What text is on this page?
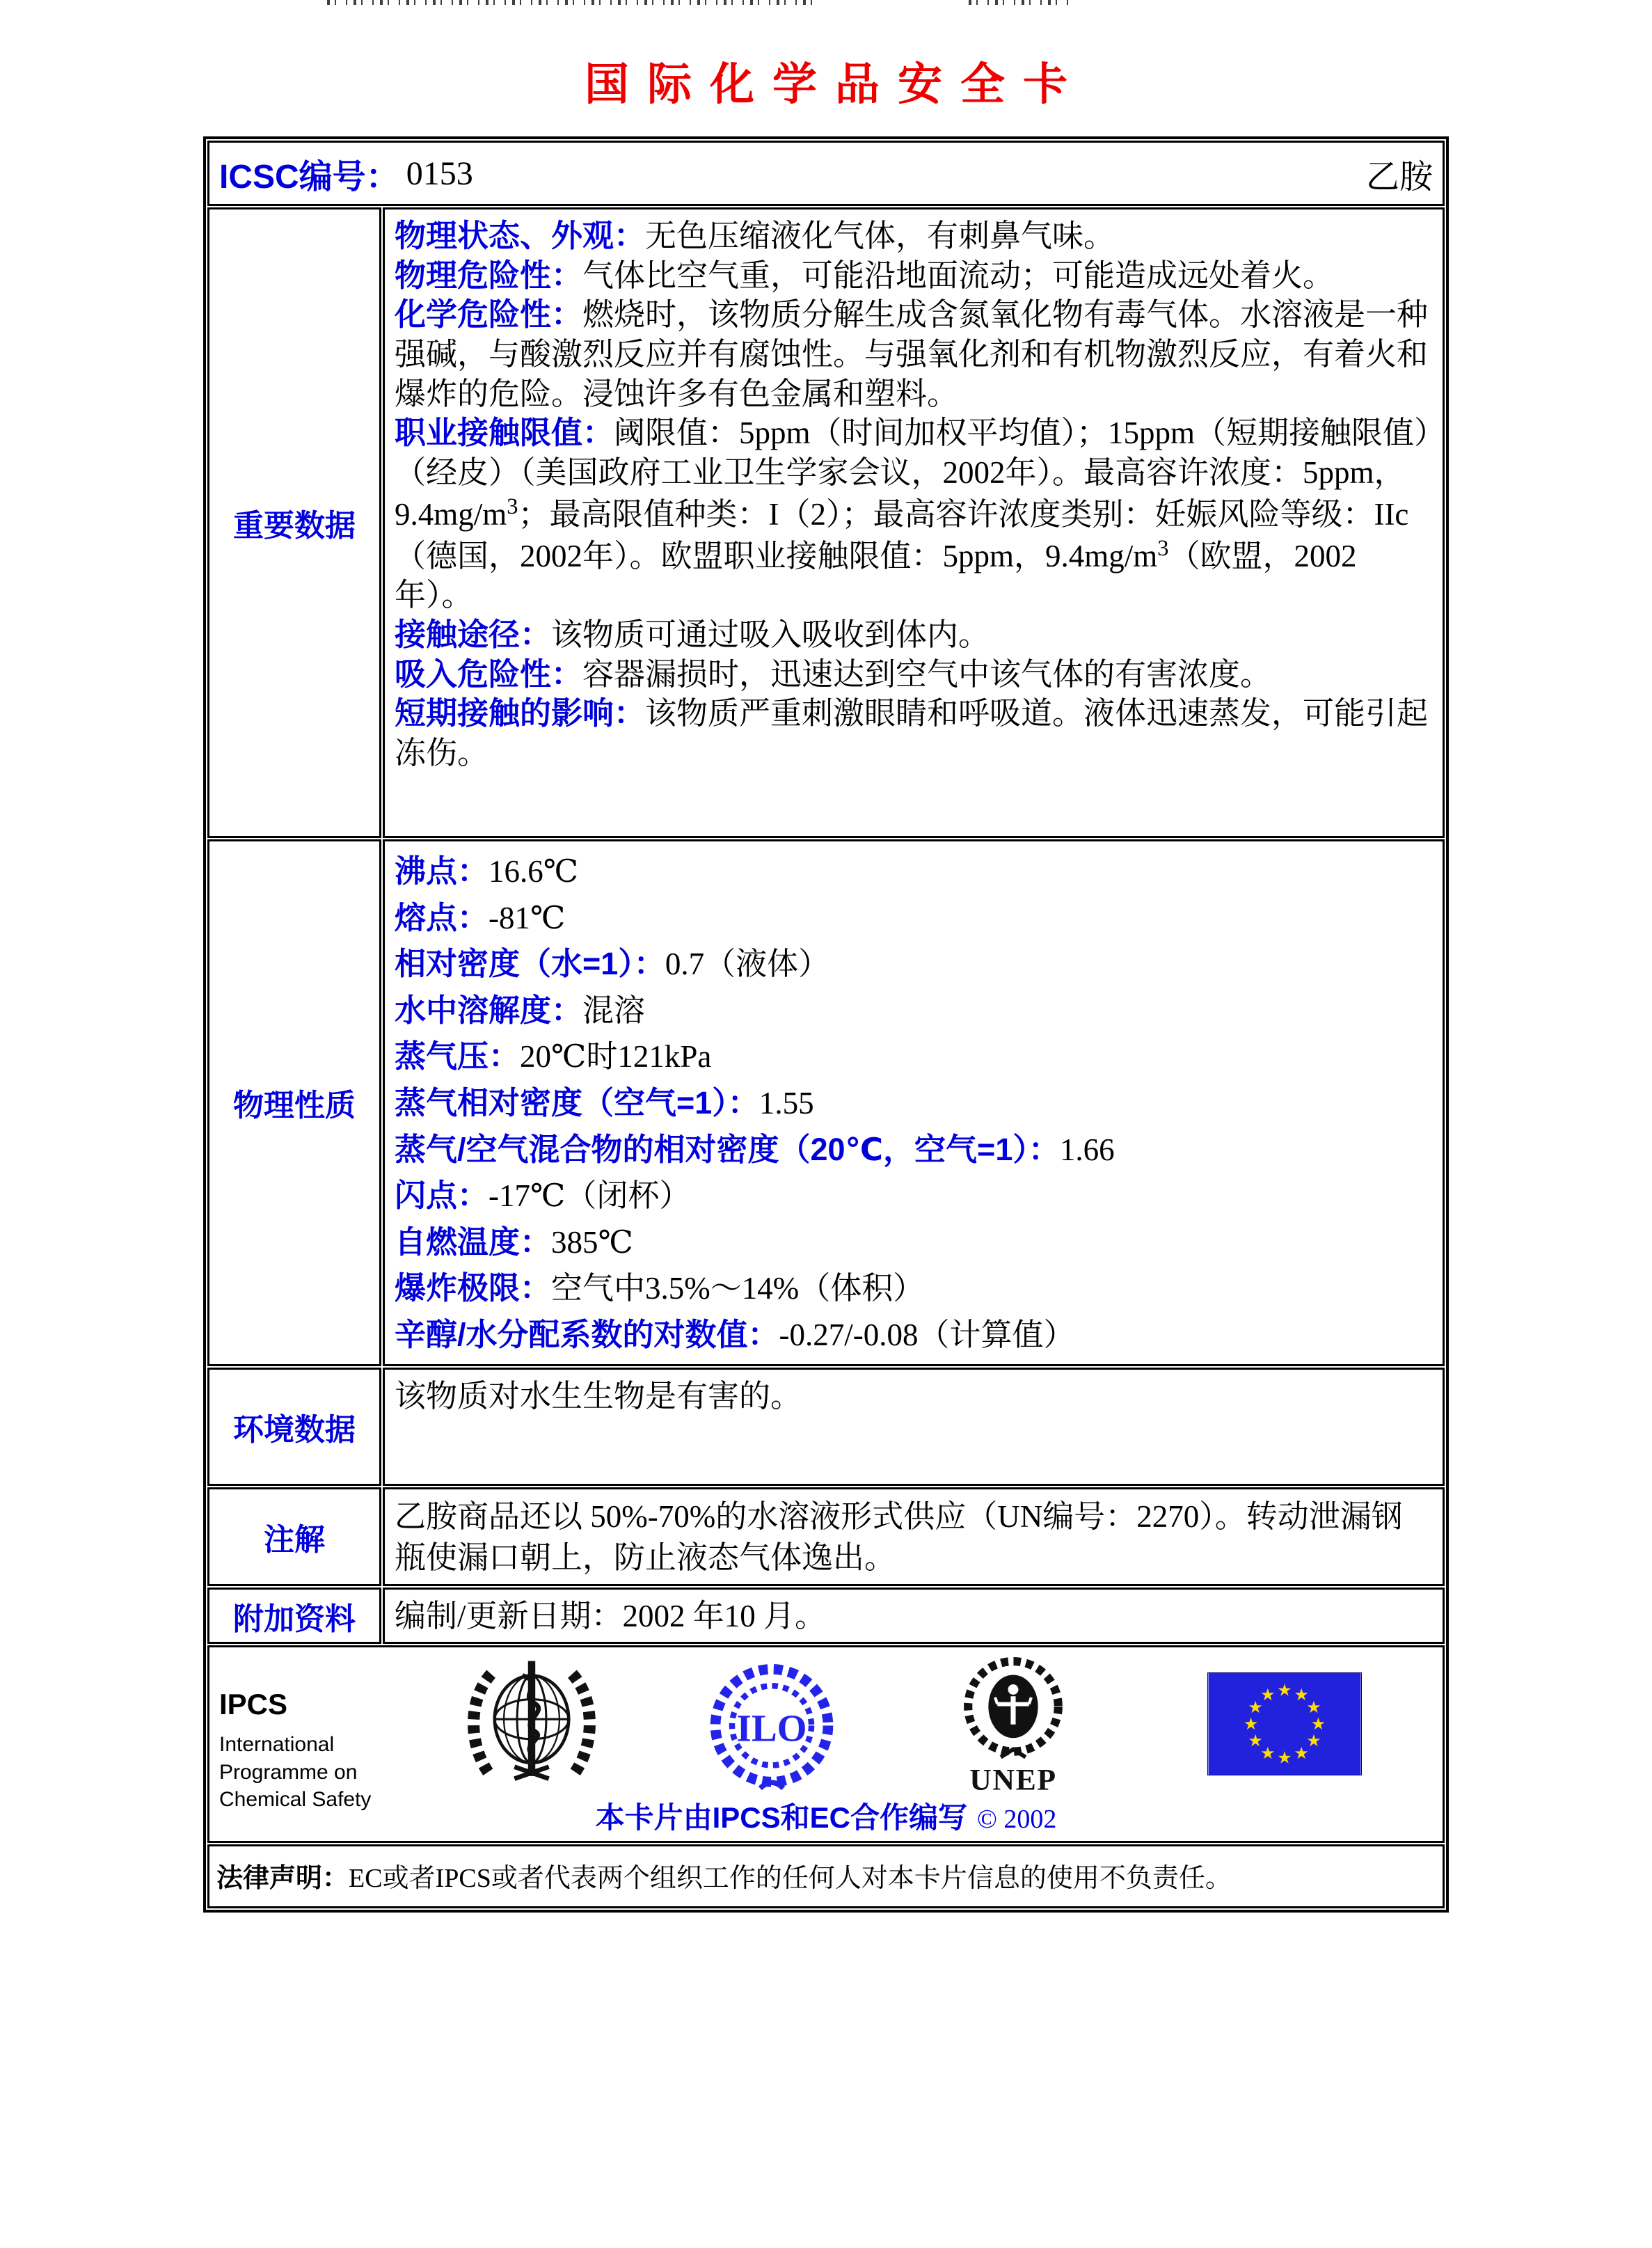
国际化学品安全卡
ICSC编号： 0153	乙胺
重要数据

物理状态、外观：无色压缩液化气体，有刺鼻气味。

物理危险性：气体比空气重，可能沿地面流动；可能造成远处着火。

化学危险性：燃烧时，该物质分解生成含氮氧化物有毒气体。水溶液是一种强碱，与酸激烈反应并有腐蚀性。与强氧化剂和有机物激烈反应，有着火和爆炸的危险。浸蚀许多有色金属和塑料。

职业接触限值：阈限值：5ppm（时间加权平均值）；15ppm（短期接触限值）（经皮）（美国政府工业卫生学家会议，2002年）。最高容许浓度：5ppm，$9.4mg/m^3$；最高限值种类：I（2）；最高容许浓度类别：妊娠风险等级：IIc（德国，2002年）。欧盟职业接触限值：5ppm，$9.4mg/m^3$（欧盟，2002年）。

接触途径：该物质可通过吸入吸收到体内。

吸入危险性：容器漏损时，迅速达到空气中该气体的有害浓度。

短期接触的影响：该物质严重刺激眼睛和呼吸道。液体迅速蒸发，可能引起冻伤。

物理性质

沸点：16.6℃

熔点：-81℃

相对密度（水=1）：0.7（液体）

水中溶解度：混溶

蒸气压：20℃时121kPa

蒸气相对密度（空气=1）：1.55

蒸气/空气混合物的相对密度（20℃，空气=1）：1.66

闪点：-17℃（闭杯）

自燃温度：385℃

爆炸极限：空气中3.5%～14%（体积）

辛醇/水分配系数的对数值：-0.27/-0.08（计算值）

环境数据

该物质对水生生物是有害的。

注解

乙胺商品还以 50%-70%的水溶液形式供应（UN编号：2270）。转动泄漏钢瓶使漏口朝上，防止液态气体逸出。

附加资料	编制/更新日期：2002 年10 月。

IPCS
International
Programme on
Chemical Safety
ILO
UNEP
★ ★
★
★
★
★
★
★
★
★
★
★
本卡片由IPCS和EC合作编写 © 2002
法律声明：EC或者IPCS或者代表两个组织工作的任何人对本卡片信息的使用不负责任。
